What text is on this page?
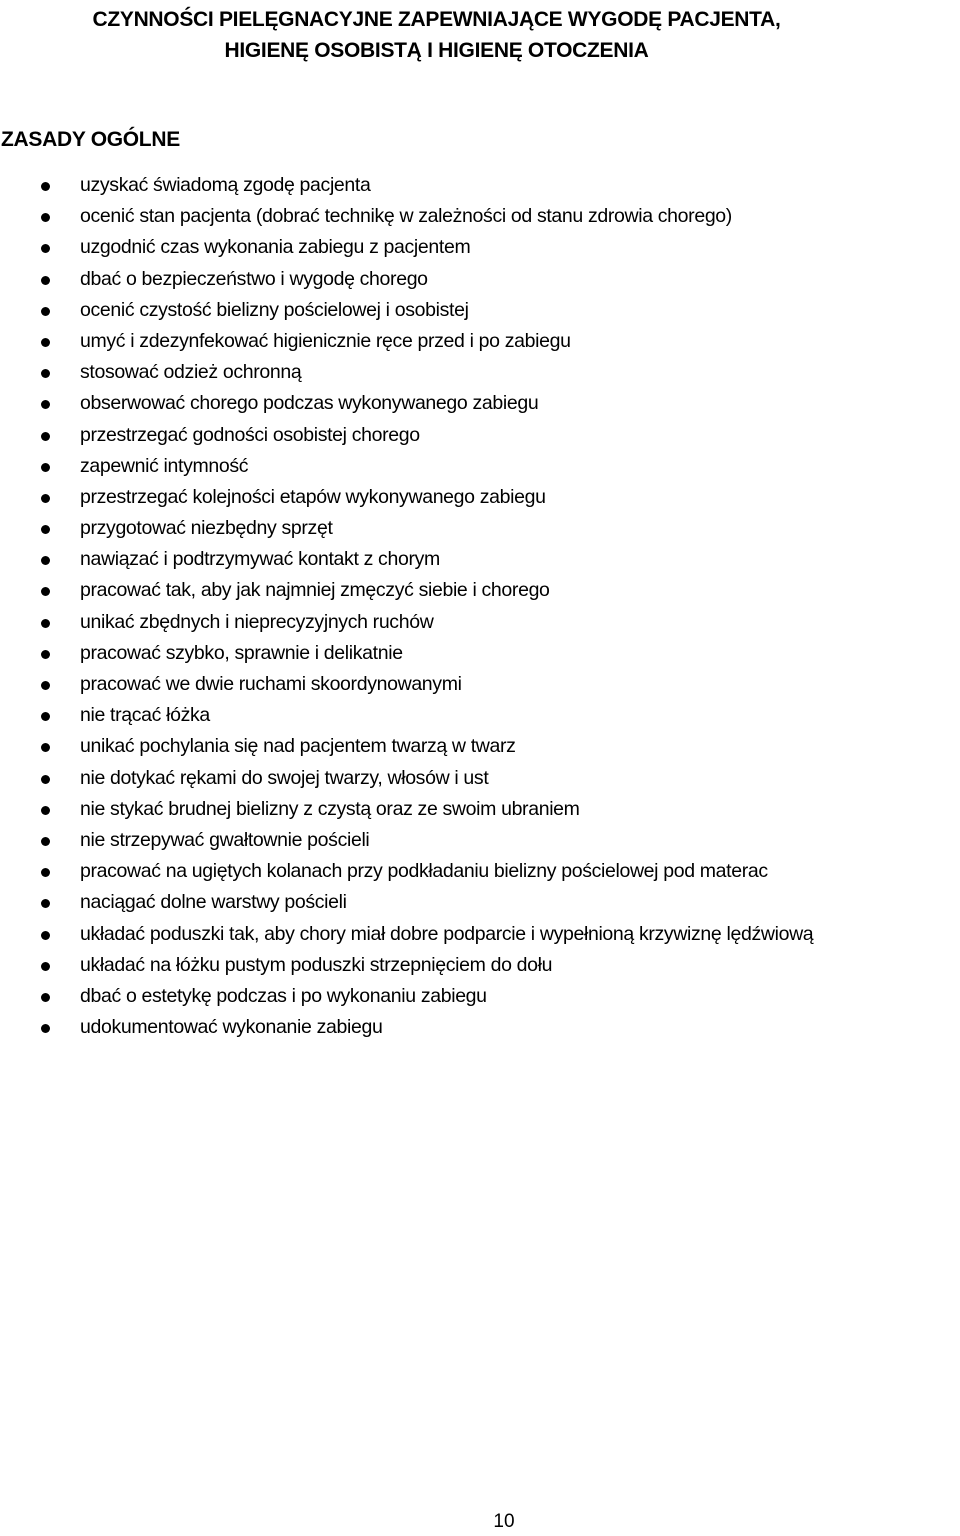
CZYNNOŚCI PIELĘGNACYJNE ZAPEWNIAJĄCE WYGODĘ PACJENTA,
HIGIENĘ OSOBISTĄ I HIGIENĘ OTOCZENIA
ZASADY OGÓLNE
uzyskać świadomą zgodę pacjenta
ocenić stan pacjenta (dobrać technikę w zależności od stanu zdrowia chorego)
uzgodnić czas wykonania zabiegu z pacjentem
dbać o bezpieczeństwo i wygodę chorego
ocenić czystość bielizny pościelowej i osobistej
umyć i zdezynfekować higienicznie ręce przed i po zabiegu
stosować odzież ochronną
obserwować chorego podczas wykonywanego zabiegu
przestrzegać godności osobistej chorego
zapewnić intymność
przestrzegać kolejności etapów wykonywanego zabiegu
przygotować niezbędny sprzęt
nawiązać i podtrzymywać kontakt z chorym
pracować tak, aby jak najmniej zmęczyć siebie i chorego
unikać zbędnych i nieprecyzyjnych ruchów
pracować szybko, sprawnie i delikatnie
pracować we dwie ruchami skoordynowanymi
nie trącać łóżka
unikać pochylania się nad pacjentem twarzą w twarz
nie dotykać rękami do swojej twarzy, włosów i ust
nie stykać brudnej bielizny z czystą oraz ze swoim ubraniem
nie strzepywać gwałtownie pościeli
pracować na ugiętych kolanach przy podkładaniu bielizny pościelowej pod materac
naciągać dolne warstwy pościeli
układać poduszki tak, aby chory miał dobre podparcie i wypełnioną krzywiznę lędźwiową
układać na łóżku pustym poduszki strzepnięciem do dołu
dbać o estetykę podczas i po wykonaniu zabiegu
udokumentować wykonanie zabiegu
10
